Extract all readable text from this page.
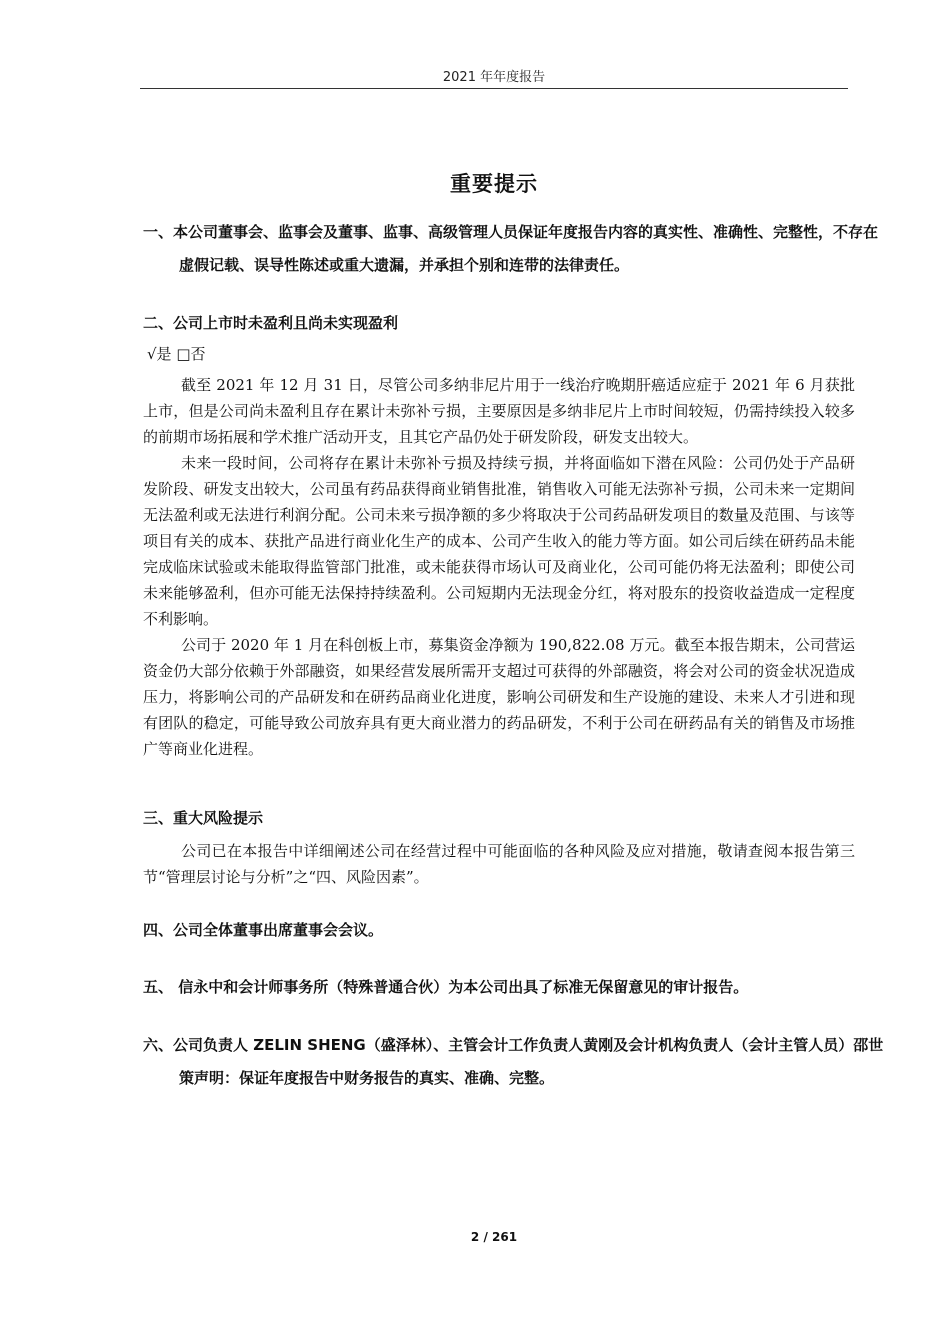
2021 年年度报告
重要提示
一、本公司董事会、监事会及董事、监事、高级管理人员保证年度报告内容的真实性、准确性、完整性，不存在虚假记载、误导性陈述或重大遗漏，并承担个别和连带的法律责任。
二、公司上市时未盈利且尚未实现盈利
√是 □否

截至 2021 年 12 月 31 日，尽管公司多纳非尼片用于一线治疗晚期肝癌适应症于 2021 年 6 月获批上市，但是公司尚未盈利且存在累计未弥补亏损，主要原因是多纳非尼片上市时间较短，仍需持续投入较多的前期市场拓展和学术推广活动开支，且其它产品仍处于研发阶段，研发支出较大。

未来一段时间，公司将存在累计未弥补亏损及持续亏损，并将面临如下潜在风险：公司仍处于产品研发阶段、研发支出较大，公司虽有药品获得商业销售批准，销售收入可能无法弥补亏损，公司未来一定期间无法盈利或无法进行利润分配。公司未来亏损净额的多少将取决于公司药品研发项目的数量及范围、与该等项目有关的成本、获批产品进行商业化生产的成本、公司产生收入的能力等方面。如公司后续在研药品未能完成临床试验或未能取得监管部门批准，或未能获得市场认可及商业化，公司可能仍将无法盈利；即使公司未来能够盈利，但亦可能无法保持持续盈利。公司短期内无法现金分红，将对股东的投资收益造成一定程度不利影响。

公司于 2020 年 1 月在科创板上市，募集资金净额为 190,822.08 万元。截至本报告期末，公司营运资金仍大部分依赖于外部融资，如果经营发展所需开支超过可获得的外部融资，将会对公司的资金状况造成压力，将影响公司的产品研发和在研药品商业化进度，影响公司研发和生产设施的建设、未来人才引进和现有团队的稳定，可能导致公司放弃具有更大商业潜力的药品研发，不利于公司在研药品有关的销售及市场推广等商业化进程。

三、重大风险提示

公司已在本报告中详细阐述公司在经营过程中可能面临的各种风险及应对措施，敬请查阅本报告第三节“管理层讨论与分析”之“四、风险因素”。

四、公司全体董事出席董事会会议。
五、 信永中和会计师事务所（特殊普通合伙）为本公司出具了标准无保留意见的审计报告。
六、公司负责人 ZELIN SHENG（盛泽林）、主管会计工作负责人黄刚及会计机构负责人（会计主管人员）邵世策声明：保证年度报告中财务报告的真实、准确、完整。
2 / 261
